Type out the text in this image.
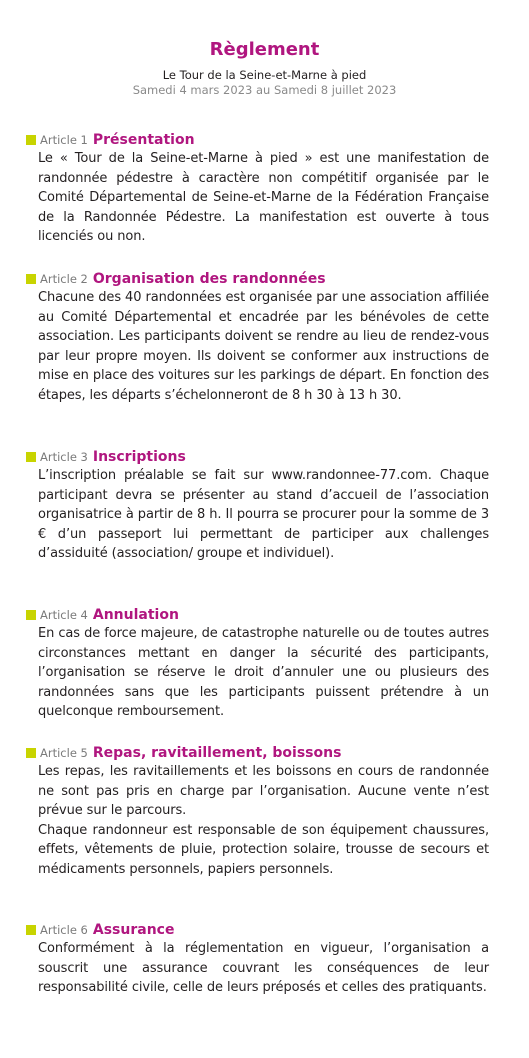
Règlement
Le Tour de la Seine-et-Marne à pied
Samedi 4 mars 2023 au Samedi 8 juillet 2023
Article 1 Présentation

Le « Tour de la Seine-et-Marne à pied » est une manifestation de randonnée pédestre à caractère non compétitif organisée par le Comité Départemental de Seine-et-Marne de la Fédération Française de la Randonnée Pédestre. La manifestation est ouverte à tous licenciés ou non.

Article 2 Organisation des randonnées

Chacune des 40 randonnées est organisée par une association affiliée au Comité Départemental et encadrée par les bénévoles de cette association. Les participants doivent se rendre au lieu de rendez-vous par leur propre moyen. Ils doivent se conformer aux instructions de mise en place des voitures sur les parkings de départ. En fonction des étapes, les départs s’échelonneront de 8 h 30 à 13 h 30.

Article 3 Inscriptions

L’inscription préalable se fait sur www.randonnee-77.com. Chaque participant devra se présenter au stand d’accueil de l’association organisatrice à partir de 8 h. Il pourra se procurer pour la somme de 3 € d’un passeport lui permettant de participer aux challenges d’assiduité (association/ groupe et individuel).

Article 4 Annulation

En cas de force majeure, de catastrophe naturelle ou de toutes autres circonstances mettant en danger la sécurité des participants, l’organisation se réserve le droit d’annuler une ou plusieurs des randonnées sans que les participants puissent prétendre à un quelconque remboursement.

Article 5 Repas, ravitaillement, boissons

Les repas, les ravitaillements et les boissons en cours de randonnée ne sont pas pris en charge par l’organisation. Aucune vente n’est prévue sur le parcours.

Chaque randonneur est responsable de son équipement chaussures, effets, vêtements de pluie, protection solaire, trousse de secours et médicaments personnels, papiers personnels.

Article 6 Assurance

Conformément à la réglementation en vigueur, l’organisation a souscrit une assurance couvrant les conséquences de leur responsabilité civile, celle de leurs préposés et celles des pratiquants.
